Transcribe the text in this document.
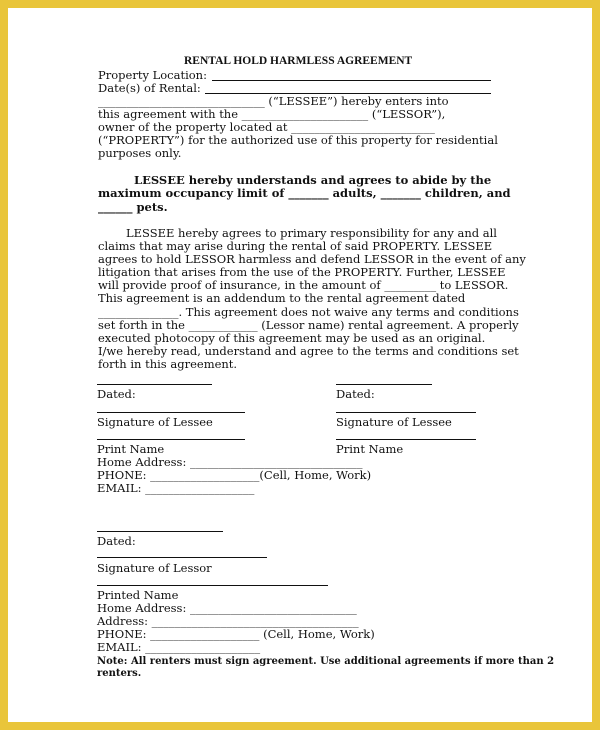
RENTAL HOLD HARMLESS AGREEMENT
Property Location:
Date(s) of Rental:
_____________________________ (“LESSEE”) hereby enters into
this agreement with the ______________________ (“LESSOR”),
owner of the property located at _________________________
(“PROPERTY”) for the authorized use of this property for residential
purposes only.
LESSEE hereby understands and agrees to abide by the
maximum occupancy limit of _______ adults, _______ children, and
______ pets.
LESSEE hereby agrees to primary responsibility for any and all
claims that may arise during the rental of said PROPERTY. LESSEE
agrees to hold LESSOR harmless and defend LESSOR in the event of any
litigation that arises from the use of the PROPERTY. Further, LESSEE
will provide proof of insurance, in the amount of _________ to LESSOR.
This agreement is an addendum to the rental agreement dated
______________. This agreement does not waive any terms and conditions
set forth in the ____________ (Lessor name) rental agreement. A properly
executed photocopy of this agreement may be used as an original.
I/we hereby read, understand and agree to the terms and conditions set
forth in this agreement.
Dated:	Dated:
Signature of Lessee	Signature of Lessee
Print Name	Print Name
Home Address: ______________________________
PHONE: ___________________(Cell, Home, Work)
EMAIL: ___________________
Dated:
Signature of Lessor
Printed Name
Home Address: _____________________________
Address: ____________________________________
PHONE: ___________________ (Cell, Home, Work)
EMAIL: ____________________
Note: All renters must sign agreement. Use additional agreements if more than 2
renters.
